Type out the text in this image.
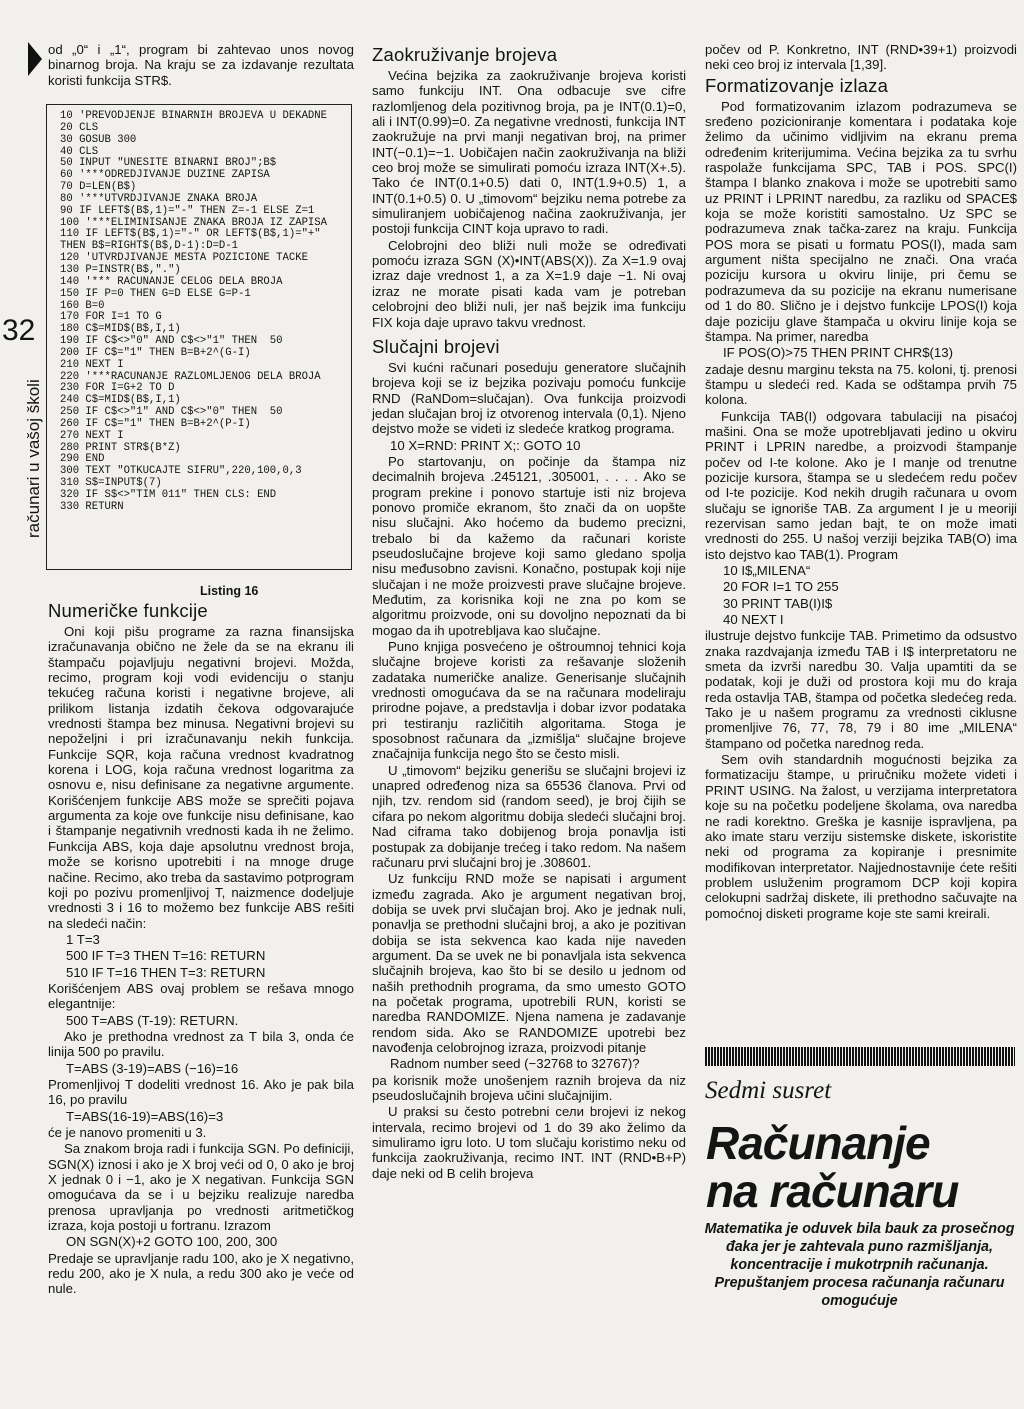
32
računari u vašoj školi

od „0“ i „1“, program bi zahtevao unos novog binarnog broja. Na kraju se za izdavanje rezultata koristi funkcija STR$.

10 'PREVODJENJE BINARNIH BROJEVA U DEKADNE
20 CLS
30 GOSUB 300
40 CLS
50 INPUT "UNESITE BINARNI BROJ";B$
60 '***ODREDJIVANJE DUZINE ZAPISA
70 D=LEN(B$)
80 '***UTVRDJIVANJE ZNAKA BROJA
90 IF LEFT$(B$,1)="-" THEN Z=-1 ELSE Z=1
100 '***ELIMINISANJE ZNAKA BROJA IZ ZAPISA
110 IF LEFT$(B$,1)="-" OR LEFT$(B$,1)="+"
THEN B$=RIGHT$(B$,D-1):D=D-1
120 'UTVRDJIVANJE MESTA POZICIONE TACKE
130 P=INSTR(B$,".")
140 '*** RACUNANJE CELOG DELA BROJA
150 IF P=0 THEN G=D ELSE G=P-1
160 B=0
170 FOR I=1 TO G
180 C$=MID$(B$,I,1)
190 IF C$<>"0" AND C$<>"1" THEN  50
200 IF C$="1" THEN B=B+2^(G-I)
210 NEXT I
220 '***RACUNANJE RAZLOMLJENOG DELA BROJA
230 FOR I=G+2 TO D
240 C$=MID$(B$,I,1)
250 IF C$<>"1" AND C$<>"0" THEN  50
260 IF C$="1" THEN B=B+2^(P-I)
270 NEXT I
280 PRINT STR$(B*Z)
290 END
300 TEXT "OTKUCAJTE SIFRU",220,100,0,3
310 S$=INPUT$(7)
320 IF S$<>"TIM 011" THEN CLS: END
330 RETURN
Listing 16
Numeričke funkcije

Oni koji pišu programe za razna finansijska izračunavanja obično ne žele da se na ekranu ili štampaču pojavljuju negativni brojevi. Možda, recimo, program koji vodi evidenciju o stanju tekućeg računa koristi i negativne brojeve, ali prilikom listanja izdatih čekova odgovarajuće vrednosti štampa bez minusa. Negativni brojevi su nepoželjni i pri izračunavanju nekih funkcija. Funkcije SQR, koja računa vrednost kvadratnog korena i LOG, koja računa vrednost logaritma za osnovu e, nisu definisane za negativne argumente. Korišćenjem funkcije ABS može se sprečiti pojava argumenta za koje ove funkcije nisu definisane, kao i štampanje negativnih vrednosti kada ih ne želimo. Funkcija ABS, koja daje apsolutnu vrednost broja, može se korisno upotrebiti i na mnoge druge načine. Recimo, ako treba da sastavimo potprogram koji po pozivu promenljivoj T, naizmence dodeljuje vrednosti 3 i 16 to možemo bez funkcije ABS rešiti na sledeći način:

1 T=3

500 IF T=3 THEN T=16: RETURN

510 IF T=16 THEN T=3: RETURN

Korišćenjem ABS ovaj problem se rešava mnogo elegantnije:

500 T=ABS (T-19): RETURN.

Ako je prethodna vrednost za T bila 3, onda će linija 500 po pravilu.

T=ABS (3-19)=ABS (−16)=16

Promenljivoj T dodeliti vrednost 16. Ako je pak bila 16, po pravilu

T=ABS(16-19)=ABS(16)=3

će je nanovo promeniti u 3.

Sa znakom broja radi i funkcija SGN. Po definiciji, SGN(X) iznosi i ako je X broj veći od 0, 0 ako je broj X jednak 0 i −1, ako je X negativan. Funkcija SGN omogućava da se i u bejziku realizuje naredba prenosa upravljanja po vrednosti aritmetičkog izraza, koja postoji u fortranu. Izrazom

ON SGN(X)+2 GOTO 100, 200, 300

Predaje se upravljanje radu 100, ako je X negativno, redu 200, ako je X nula, a redu 300 ako je veće od nule.

Zaokruživanje brojeva

Većina bejzika za zaokruživanje brojeva koristi samo funkciju INT. Ona odbacuje sve cifre razlomljenog dela pozitivnog broja, pa je INT(0.1)=0, ali i INT(0.99)=0. Za negativne vrednosti, funkcija INT zaokružuje na prvi manji negativan broj, na primer INT(−0.1)=−1. Uobičajen način zaokruživanja na bliži ceo broj može se simulirati pomoću izraza INT(X+.5). Tako će INT(0.1+0.5) dati 0, INT(1.9+0.5) 1, a INT(0.1+0.5) 0. U „timovom“ bejziku nema potrebe za simuliranjem uobičajenog načina zaokruživanja, jer postoji funkcija CINT koja upravo to radi.

Celobrojni deo bliži nuli može se određivati pomoću izraza SGN (X)•INT(ABS(X)). Za X=1.9 ovaj izraz daje vrednost 1, a za X=1.9 daje −1. Ni ovaj izraz ne morate pisati kada vam je potreban celobrojni deo bliži nuli, jer naš bejzik ima funkciju FIX koja daje upravo takvu vrednost.

Slučajni brojevi

Svi kućni računari poseduju generatore slučajnih brojeva koji se iz bejzika pozivaju pomoću funkcije RND (RaNDom=slučajan). Ova funkcija proizvodi jedan slučajan broj iz otvorenog intervala (0,1). Njeno dejstvo može se videti iz sledeće kratkog programa.

10 X=RND: PRINT X;: GOTO 10

Po startovanju, on počinje da štampa niz decimalnih brojeva .245121, .305001, . . . . Ako se program prekine i ponovo startuje isti niz brojeva ponovo promiče ekranom, što znači da on uopšte nisu slučajni. Ako hoćemo da budemo precizni, trebalo bi da kažemo da računari koriste pseudoslučajne brojeve koji samo gledano spolja nisu međusobno zavisni. Konačno, postupak koji nije slučajan i ne može proizvesti prave slučajne brojeve. Međutim, za korisnika koji ne zna po kom se algoritmu proizvode, oni su dovoljno nepoznati da bi mogao da ih upotrebljava kao slučajne.

Puno knjiga posvećeno je oštroumnoj tehnici koja slučajne brojeve koristi za rešavanje složenih zadataka numeričke analize. Generisanje slučajnih vrednosti omogućava da se na računara modeliraju prirodne pojave, a predstavlja i dobar izvor podataka pri testiranju različitih algoritama. Stoga je sposobnost računara da „izmišlja“ slučajne brojeve značajnija funkcija nego što se često misli.

U „timovom“ bejziku generišu se slučajni brojevi iz unapred određenog niza sa 65536 članova. Prvi od njih, tzv. rendom sid (random seed), je broj čijih se cifara po nekom algoritmu dobija sledeći slučajni broj. Nad ciframa tako dobijenog broja ponavlja isti postupak za dobijanje trećeg i tako redom. Na našem računaru prvi slučajni broj je .308601.

Uz funkciju RND može se napisati i argument između zagrada. Ako je argument negativan broj, dobija se uvek prvi slučajan broj. Ako je jednak nuli, ponavlja se prethodni slučajni broj, a ako je pozitivan dobija se ista sekvenca kao kada nije naveden argument. Da se uvek ne bi ponavljala ista sekvenca slučajnih brojeva, kao što bi se desilo u jednom od naših prethodnih programa, da smo umesto GOTO na početak programa, upotrebili RUN, koristi se naredba RANDOMIZE. Njena namena je zadavanje rendom sida. Ako se RANDOMIZE upotrebi bez navođenja celobrojnog izraza, proizvodi pitanje

Radnom number seed (−32768 to 32767)?

pa korisnik može unošenjem raznih brojeva da niz pseudoslučajnih brojeva učini slučajnijim.

U praksi su često potrebni cели brojevi iz nekog intervala, recimo brojevi od 1 do 39 ako želimo da simuliramo igru loto. U tom slučaju koristimo neku od funkcija zaokruživanja, recimo INT. INT (RND•B+P) daje neki od B celih brojeva

počev od P. Konkretno, INT (RND•39+1) proizvodi neki ceo broj iz intervala [1,39].

Formatizovanje izlaza

Pod formatizovanim izlazom podrazumeva se sređeno pozicioniranje komentara i podataka koje želimo da učinimo vidljivim na ekranu prema određenim kriterijumima. Većina bejzika za tu svrhu raspolaže funkcijama SPC, TAB i POS. SPC(I) štampa I blanko znakova i može se upotrebiti samo uz PRINT i LPRINT naredbu, za razliku od SPACE$ koja se može koristiti samostalno. Uz SPC se podrazumeva znak tačka-zarez na kraju. Funkcija POS mora se pisati u formatu POS(I), mada sam argument ništa specijalno ne znači. Ona vraća poziciju kursora u okviru linije, pri čemu se podrazumeva da su pozicije na ekranu numerisane od 1 do 80. Slično je i dejstvo funkcije LPOS(I) koja daje poziciju glave štampača u okviru linije koja se štampa. Na primer, naredba

IF POS(O)>75 THEN PRINT CHR$(13)

zadaje desnu marginu teksta na 75. koloni, tj. prenosi štampu u sledeći red. Kada se odštampa prvih 75 kolona.

Funkcija TAB(I) odgovara tabulaciji na pisaćoj mašini. Ona se može upotrebljavati jedino u okviru PRINT i LPRIN naredbe, a proizvodi štampanje počev od I-te kolone. Ako je I manje od trenutne pozicije kursora, štampa se u sledećem redu počev od I-te pozicije. Kod nekih drugih računara u ovom slučaju se ignoriše TAB. Za argument I je u meoriji rezervisan samo jedan bajt, te on može imati vrednosti do 255. U našoj verziji bejzika TAB(O) ima isto dejstvo kao TAB(1). Program

10 I$„MILENA“

20 FOR I=1 TO 255

30 PRINT TAB(I)I$

40 NEXT I

ilustruje dejstvo funkcije TAB. Primetimo da odsustvo znaka razdvajanja između TAB i I$ interpretatoru ne smeta da izvrši naredbu 30. Valja upamtiti da se podatak, koji je duži od prostora koji mu do kraja reda ostavlja TAB, štampa od početka sledećeg reda. Tako je u našem programu za vrednosti ciklusne promenljive 76, 77, 78, 79 i 80 ime „MILENA“ štampano od početka narednog reda.

Sem ovih standardnih mogućnosti bejzika za formatizaciju štampe, u priručniku možete videti i PRINT USING. Na žalost, u verzijama interpretatora koje su na početku podeljene školama, ova naredba ne radi korektno. Greška je kasnije ispravljena, pa ako imate staru verziju sistemske diskete, iskoristite neki od programa za kopiranje i presnimite modifikovan interpretator. Najjednostavnije ćete rešiti problem usluženim programom DCP koji kopira celokupni sadržaj diskete, ili prethodno sačuvajte na pomoćnoj disketi programe koje ste sami kreirali.

Sedmi susret
Računanje
na računaru
Matematika je oduvek bila bauk za prosečnog đaka jer je zahtevala puno razmišljanja, koncentracije i mukotrpnih računanja. Prepuštanjem procesa računanja računaru omogućuje
